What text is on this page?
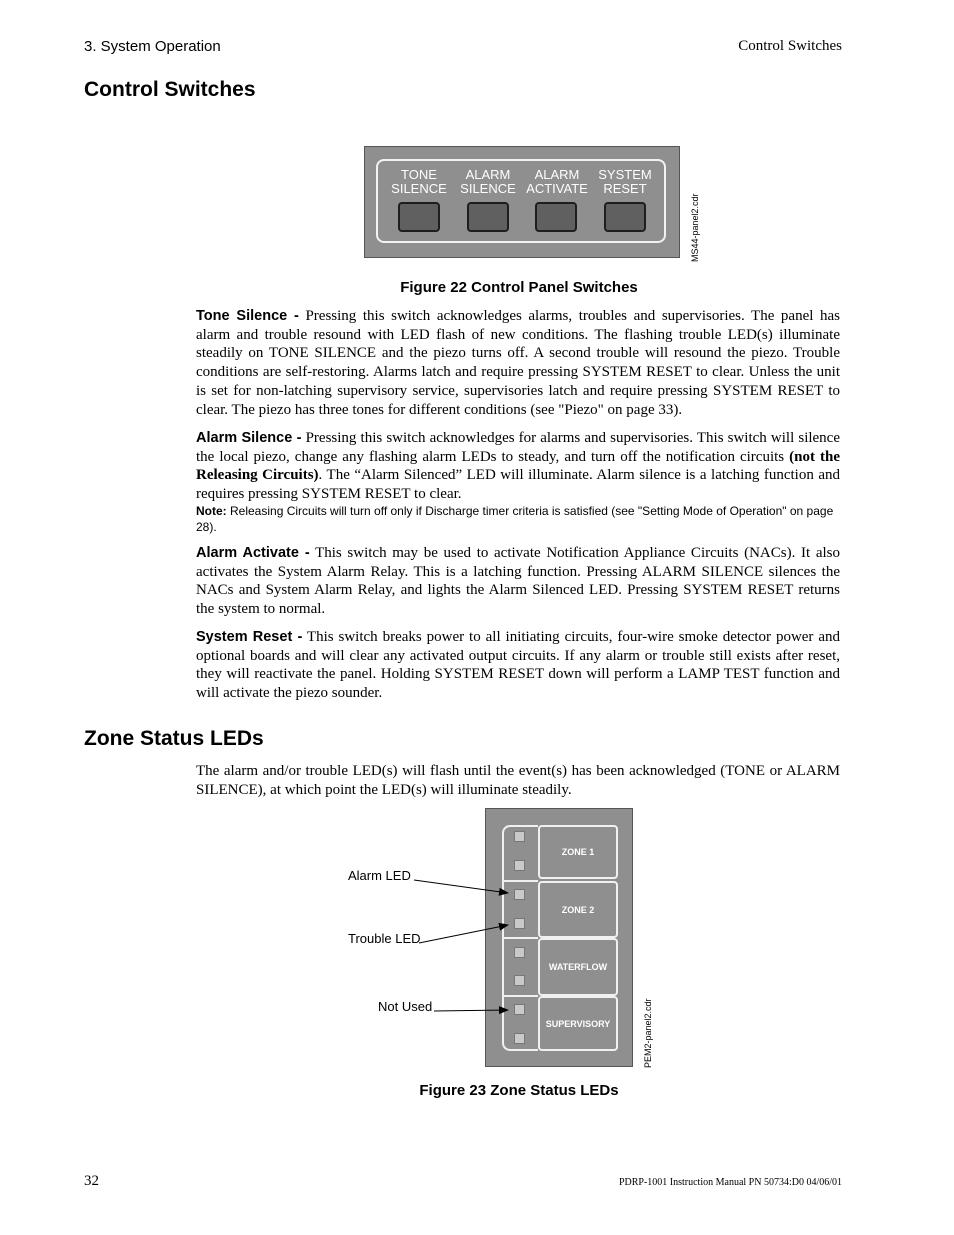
3. System Operation	Control Switches
Control Switches
TONE
SILENCE
ALARM
SILENCE
ALARM
ACTIVATE
SYSTEM
RESET
MS44-panel2.cdr
Figure 22 Control Panel Switches
Tone Silence - Pressing this switch acknowledges alarms, troubles and supervisories. The panel has alarm and trouble resound with LED flash of new conditions. The flashing trouble LED(s) illuminate steadily on TONE SILENCE and the piezo turns off. A second trouble will resound the piezo. Trouble conditions are self-restoring. Alarms latch and require pressing SYSTEM RESET to clear. Unless the unit is set for non-latching supervisory service, supervisories latch and require pressing SYSTEM RESET to clear. The piezo has three tones for different conditions (see "Piezo" on page 33).
Alarm Silence - Pressing this switch acknowledges for alarms and supervisories. This switch will silence the local piezo, change any flashing alarm LEDs to steady, and turn off the notification circuits (not the Releasing Circuits). The “Alarm Silenced” LED will illuminate. Alarm silence is a latching function and requires pressing SYSTEM RESET to clear.
Note: Releasing Circuits will turn off only if Discharge timer criteria is satisfied (see "Setting Mode of Operation" on page 28).
Alarm Activate - This switch may be used to activate Notification Appliance Circuits (NACs). It also activates the System Alarm Relay. This is a latching function. Pressing ALARM SILENCE silences the NACs and System Alarm Relay, and lights the Alarm Silenced LED. Pressing SYSTEM RESET returns the system to normal.
System Reset - This switch breaks power to all initiating circuits, four-wire smoke detector power and optional boards and will clear any activated output circuits. If any alarm or trouble still exists after reset, they will reactivate the panel. Holding SYSTEM RESET down will perform a LAMP TEST function and will activate the piezo sounder.
Zone Status LEDs
The alarm and/or trouble LED(s) will flash until the event(s) has been acknowledged (TONE or ALARM SILENCE), at which point the LED(s) will illuminate steadily.
ZONE 1
ZONE 2
WATERFLOW
SUPERVISORY
Alarm LED
Trouble LED
Not Used	PEM2-panel2.cdr
Figure 23 Zone Status LEDs
32	PDRP-1001 Instruction Manual PN 50734:D0 04/06/01
